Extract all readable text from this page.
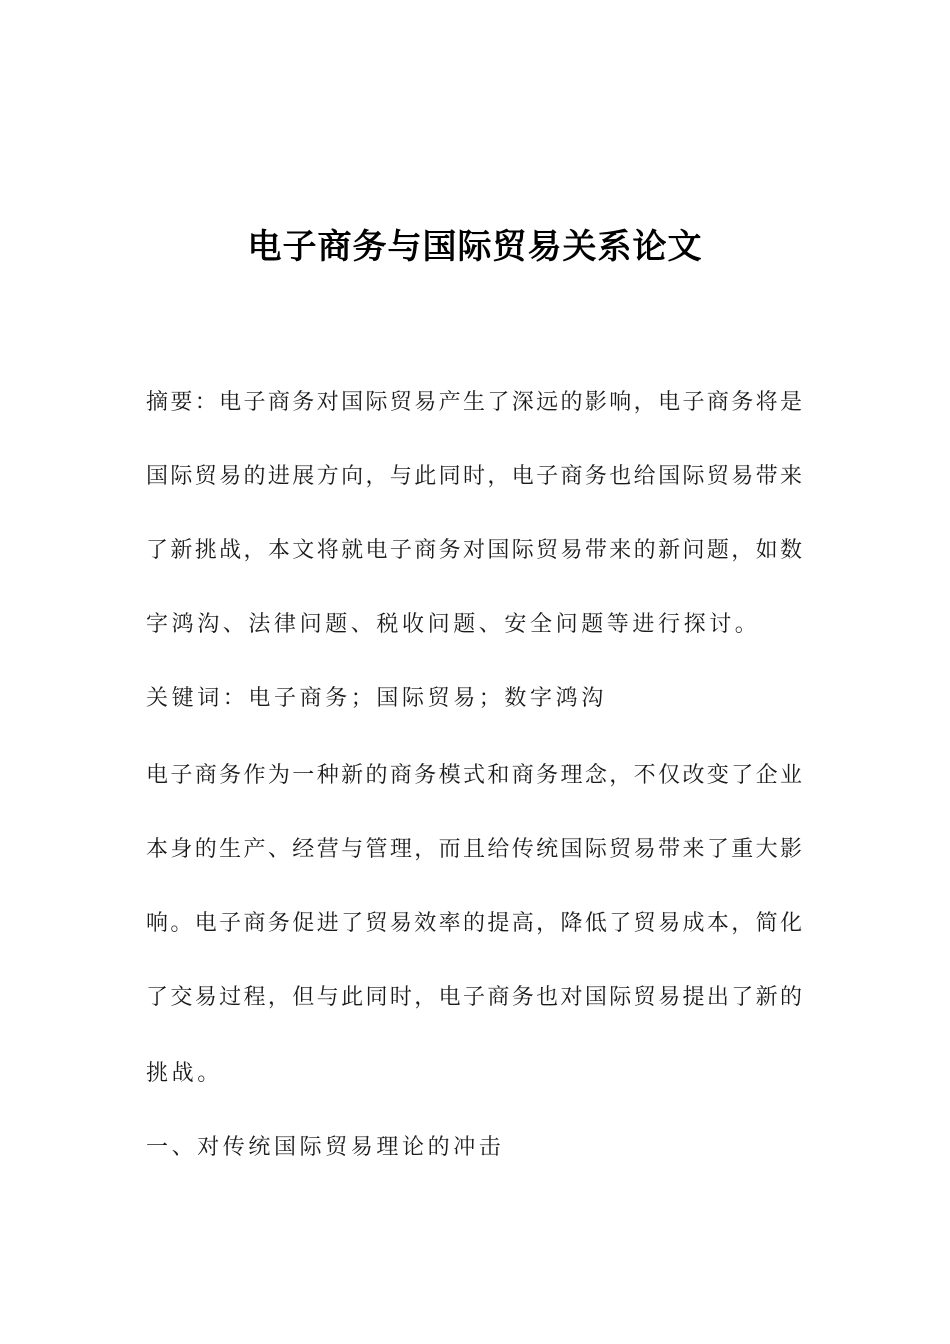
电子商务与国际贸易关系论文
摘要：电子商务对国际贸易产生了深远的影响，电子商务将是
国际贸易的进展方向，与此同时，电子商务也给国际贸易带来
了新挑战，本文将就电子商务对国际贸易带来的新问题，如数
字鸿沟、法律问题、税收问题、安全问题等进行探讨。
关键词：电子商务；国际贸易；数字鸿沟
电子商务作为一种新的商务模式和商务理念，不仅改变了企业
本身的生产、经营与管理，而且给传统国际贸易带来了重大影
响。电子商务促进了贸易效率的提高，降低了贸易成本，简化
了交易过程，但与此同时，电子商务也对国际贸易提出了新的
挑战。
一、对传统国际贸易理论的冲击
